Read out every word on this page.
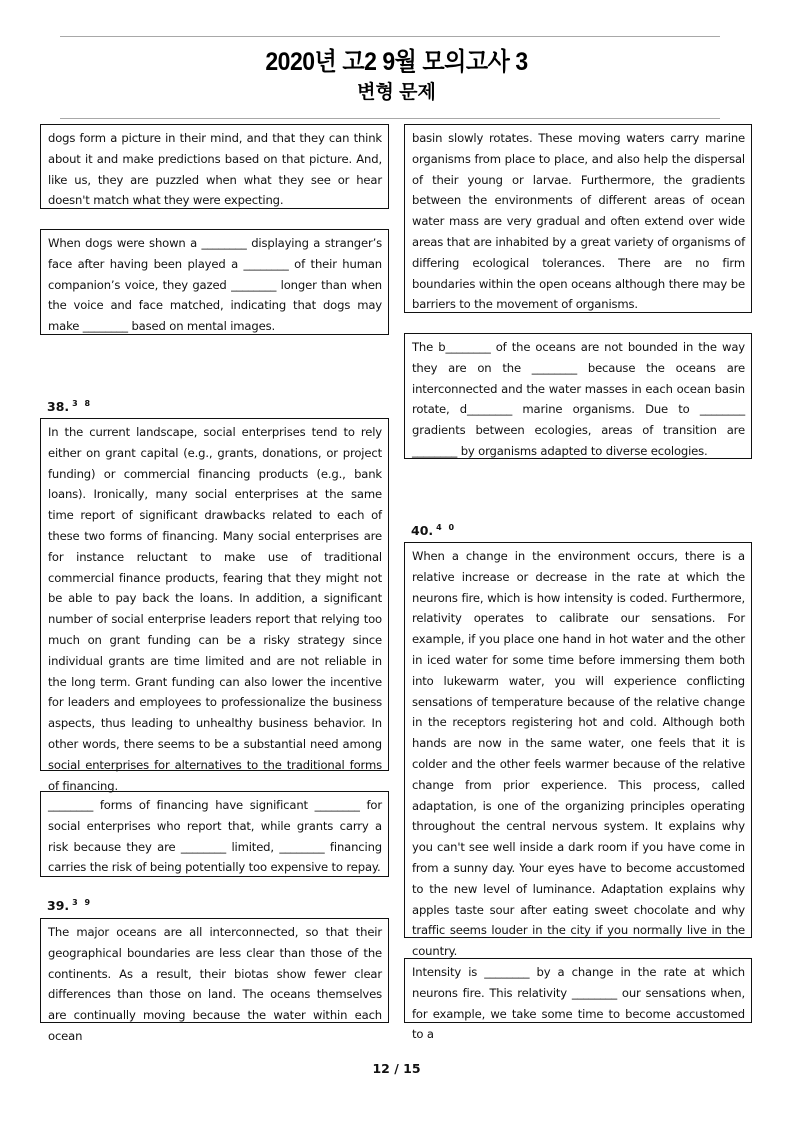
2020년 고2 9월 모의고사 3
변형 문제
dogs form a picture in their mind, and that they can think about it and make predictions based on that picture. And, like us, they are puzzled when what they see or hear doesn't match what they were expecting.
When dogs were shown a ________ displaying a stranger’s face after having been played a ________ of their human companion’s voice, they gazed ________ longer than when the voice and face matched, indicating that dogs may make ________ based on mental images.
38. $^{3 8}$
In the current landscape, social enterprises tend to rely either on grant capital (e.g., grants, donations, or project funding) or commercial financing products (e.g., bank loans). Ironically, many social enterprises at the same time report of significant drawbacks related to each of these two forms of financing. Many social enterprises are for instance reluctant to make use of traditional commercial finance products, fearing that they might not be able to pay back the loans. In addition, a significant number of social enterprise leaders report that relying too much on grant funding can be a risky strategy since individual grants are time limited and are not reliable in the long term. Grant funding can also lower the incentive for leaders and employees to professionalize the business aspects, thus leading to unhealthy business behavior. In other words, there seems to be a substantial need among social enterprises for alternatives to the traditional forms of financing.
________ forms of financing have significant ________ for social enterprises who report that, while grants carry a risk because they are ________ limited, ________ financing carries the risk of being potentially too expensive to repay.
39. $^{3 9}$
The major oceans are all interconnected, so that their geographical boundaries are less clear than those of the continents. As a result, their biotas show fewer clear differences than those on land. The oceans themselves are continually moving because the water within each ocean
basin slowly rotates. These moving waters carry marine organisms from place to place, and also help the dispersal of their young or larvae. Furthermore, the gradients between the environments of different areas of ocean water mass are very gradual and often extend over wide areas that are inhabited by a great variety of organisms of differing ecological tolerances. There are no firm boundaries within the open oceans although there may be barriers to the movement of organisms.
The b________ of the oceans are not bounded in the way they are on the ________ because the oceans are interconnected and the water masses in each ocean basin rotate, d________ marine organisms. Due to ________ gradients between ecologies, areas of transition are ________ by organisms adapted to diverse ecologies.
40. $^{4 0}$
When a change in the environment occurs, there is a relative increase or decrease in the rate at which the neurons fire, which is how intensity is coded. Furthermore, relativity operates to calibrate our sensations. For example, if you place one hand in hot water and the other in iced water for some time before immersing them both into lukewarm water, you will experience conflicting sensations of temperature because of the relative change in the receptors registering hot and cold. Although both hands are now in the same water, one feels that it is colder and the other feels warmer because of the relative change from prior experience. This process, called adaptation, is one of the organizing principles operating throughout the central nervous system. It explains why you can't see well inside a dark room if you have come in from a sunny day. Your eyes have to become accustomed to the new level of luminance. Adaptation explains why apples taste sour after eating sweet chocolate and why traffic seems louder in the city if you normally live in the country.
Intensity is ________ by a change in the rate at which neurons fire. This relativity ________ our sensations when, for example, we take some time to become accustomed to a
12 / 15
